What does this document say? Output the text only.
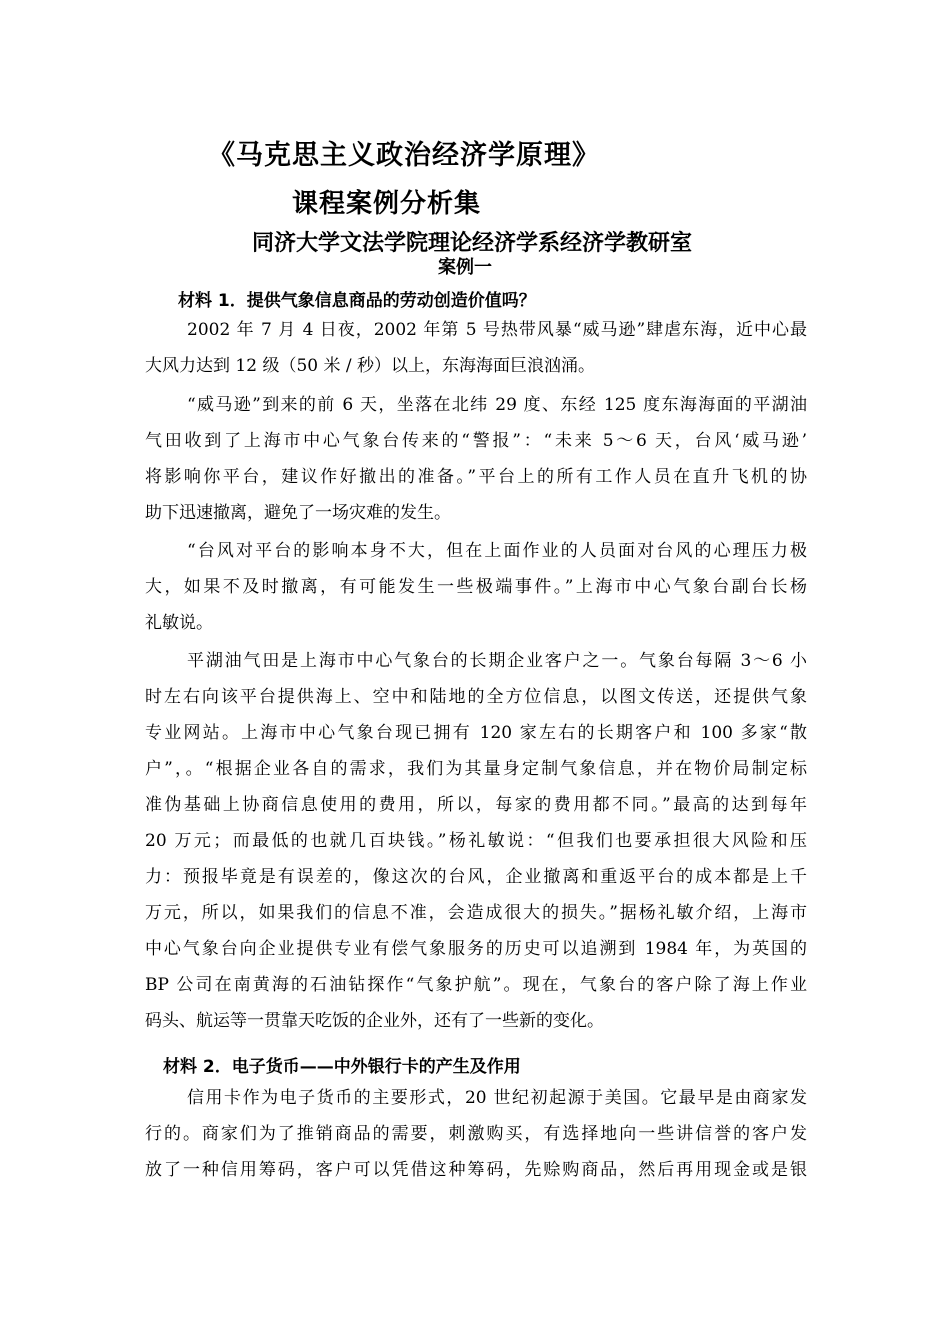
《马克思主义政治经济学原理》
课程案例分析集
同济大学文法学院理论经济学系经济学教研室
案例一
材料 1．提供气象信息商品的劳动创造价值吗？
2002 年 7 月 4 日夜，2002 年第 5 号热带风暴“威马逊”肆虐东海，近中心最
大风力达到 12 级（50 米 / 秒）以上，东海海面巨浪汹涌。
“威马逊”到来的前 6 天，坐落在北纬 29 度、东经 125 度东海海面的平湖油
气田收到了上海市中心气象台传来的“警报”：“未来 5～6 天，台风‘威马逊’
将影响你平台，建议作好撤出的准备。”平台上的所有工作人员在直升飞机的协
助下迅速撤离，避免了一场灾难的发生。
“台风对平台的影响本身不大，但在上面作业的人员面对台风的心理压力极
大，如果不及时撤离，有可能发生一些极端事件。”上海市中心气象台副台长杨
礼敏说。
平湖油气田是上海市中心气象台的长期企业客户之一。气象台每隔 3～6 小
时左右向该平台提供海上、空中和陆地的全方位信息，以图文传送，还提供气象
专业网站。上海市中心气象台现已拥有 120 家左右的长期客户和 100 多家“散
户”，。“根据企业各自的需求，我们为其量身定制气象信息，并在物价局制定标
准伪基础上协商信息使用的费用，所以，每家的费用都不同。”最高的达到每年
20 万元；而最低的也就几百块钱。”杨礼敏说：“但我们也要承担很大风险和压
力：预报毕竟是有误差的，像这次的台风，企业撤离和重返平台的成本都是上千
万元，所以，如果我们的信息不准，会造成很大的损失。”据杨礼敏介绍，上海市
中心气象台向企业提供专业有偿气象服务的历史可以追溯到 1984 年，为英国的
BP 公司在南黄海的石油钻探作“气象护航”。现在，气象台的客户除了海上作业
码头、航运等一贯靠天吃饭的企业外，还有了一些新的变化。
材料 2．电子货币——中外银行卡的产生及作用
信用卡作为电子货币的主要形式，20 世纪初起源于美国。它最早是由商家发
行的。商家们为了推销商品的需要，刺激购买，有选择地向一些讲信誉的客户发
放了一种信用筹码，客户可以凭借这种筹码，先赊购商品，然后再用现金或是银
